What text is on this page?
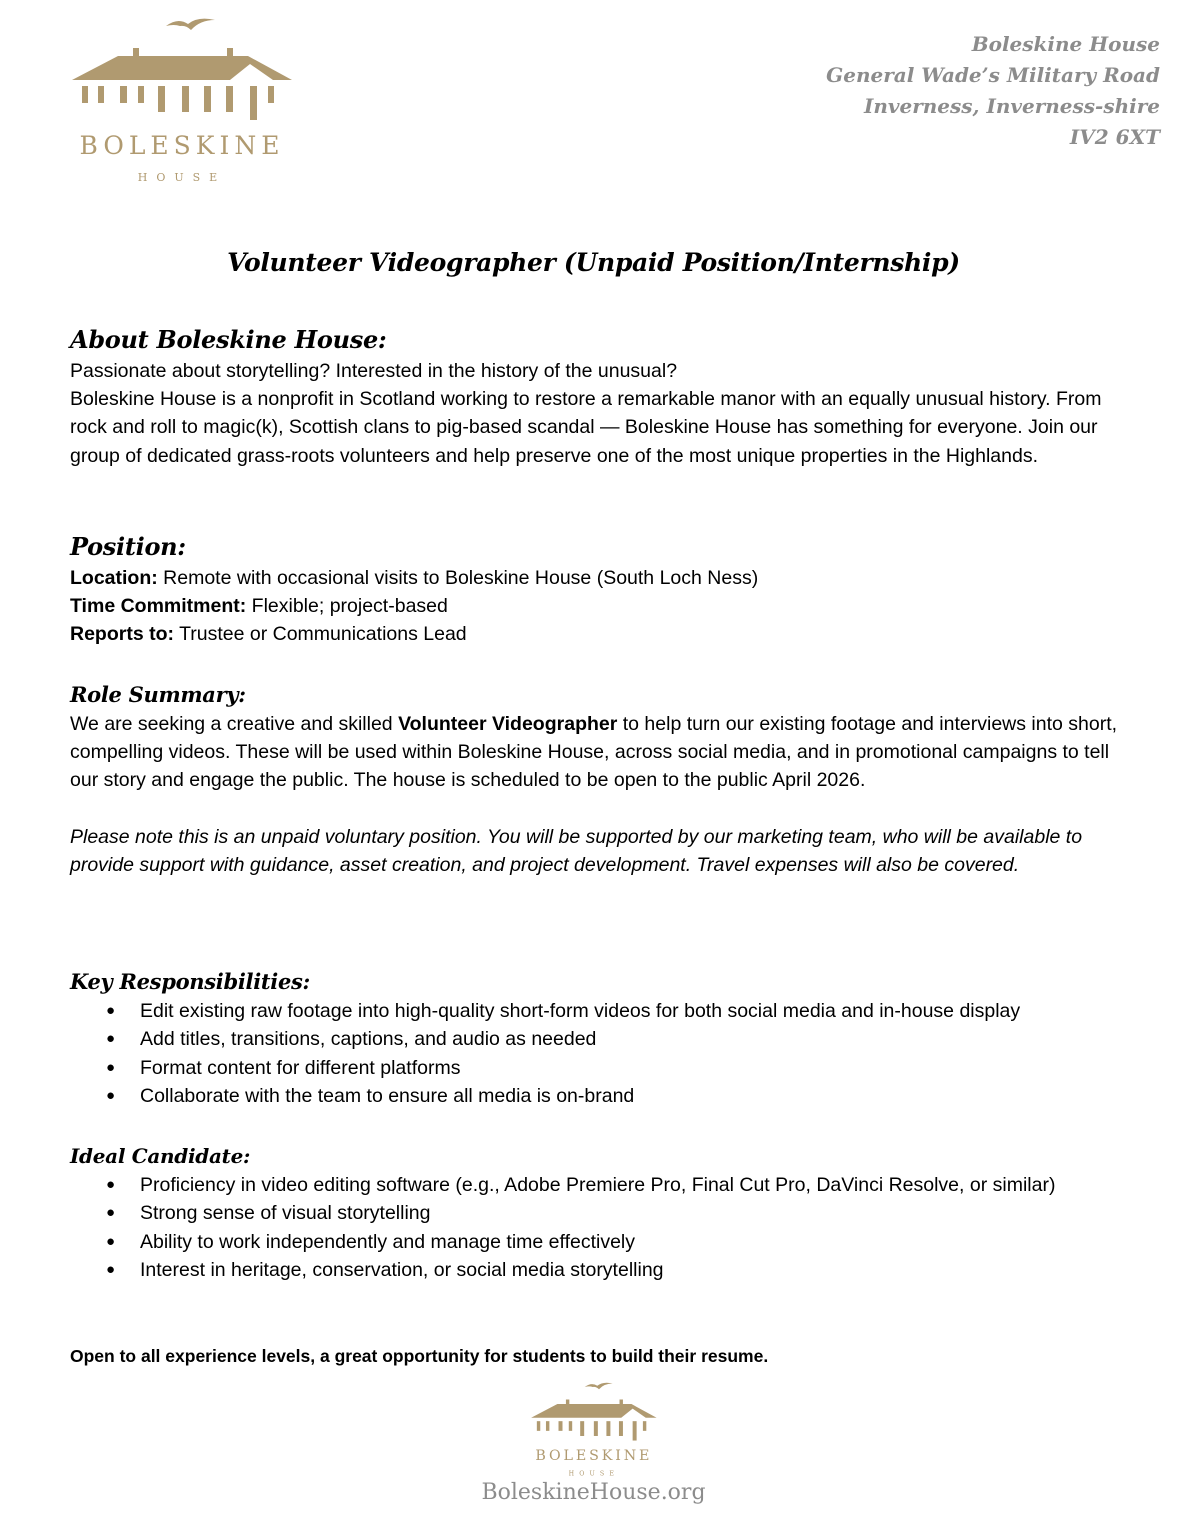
BOLESKINE
HOUSE
Boleskine House
General Wade’s Military Road
Inverness, Inverness-shire
IV2 6XT
Volunteer Videographer (Unpaid Position/Internship)
About Boleskine House:

Passionate about storytelling? Interested in the history of the unusual?

Boleskine House is a nonprofit in Scotland working to restore a remarkable manor with an equally unusual history. From rock and roll to magic(k), Scottish clans to pig-based scandal — Boleskine House has something for everyone. Join our group of dedicated grass-roots volunteers and help preserve one of the most unique properties in the Highlands.

Position:

Location: Remote with occasional visits to Boleskine House (South Loch Ness)

Time Commitment: Flexible; project-based

Reports to: Trustee or Communications Lead

Role Summary:

We are seeking a creative and skilled Volunteer Videographer to help turn our existing footage and interviews into short, compelling videos. These will be used within Boleskine House, across social media, and in promotional campaigns to tell our story and engage the public. The house is scheduled to be open to the public April 2026.

Please note this is an unpaid voluntary position. You will be supported by our marketing team, who will be available to provide support with guidance, asset creation, and project development. Travel expenses will also be covered.

Key Responsibilities:
● Edit existing raw footage into high-quality short-form videos for both social media and in-house display
● Add titles, transitions, captions, and audio as needed
● Format content for different platforms
● Collaborate with the team to ensure all media is on-brand
Ideal Candidate:
● Proficiency in video editing software (e.g., Adobe Premiere Pro, Final Cut Pro, DaVinci Resolve, or similar)
● Strong sense of visual storytelling
● Ability to work independently and manage time effectively
● Interest in heritage, conservation, or social media storytelling

Open to all experience levels, a great opportunity for students to build their resume.

BOLESKINE
HOUSE
BoleskineHouse.org
